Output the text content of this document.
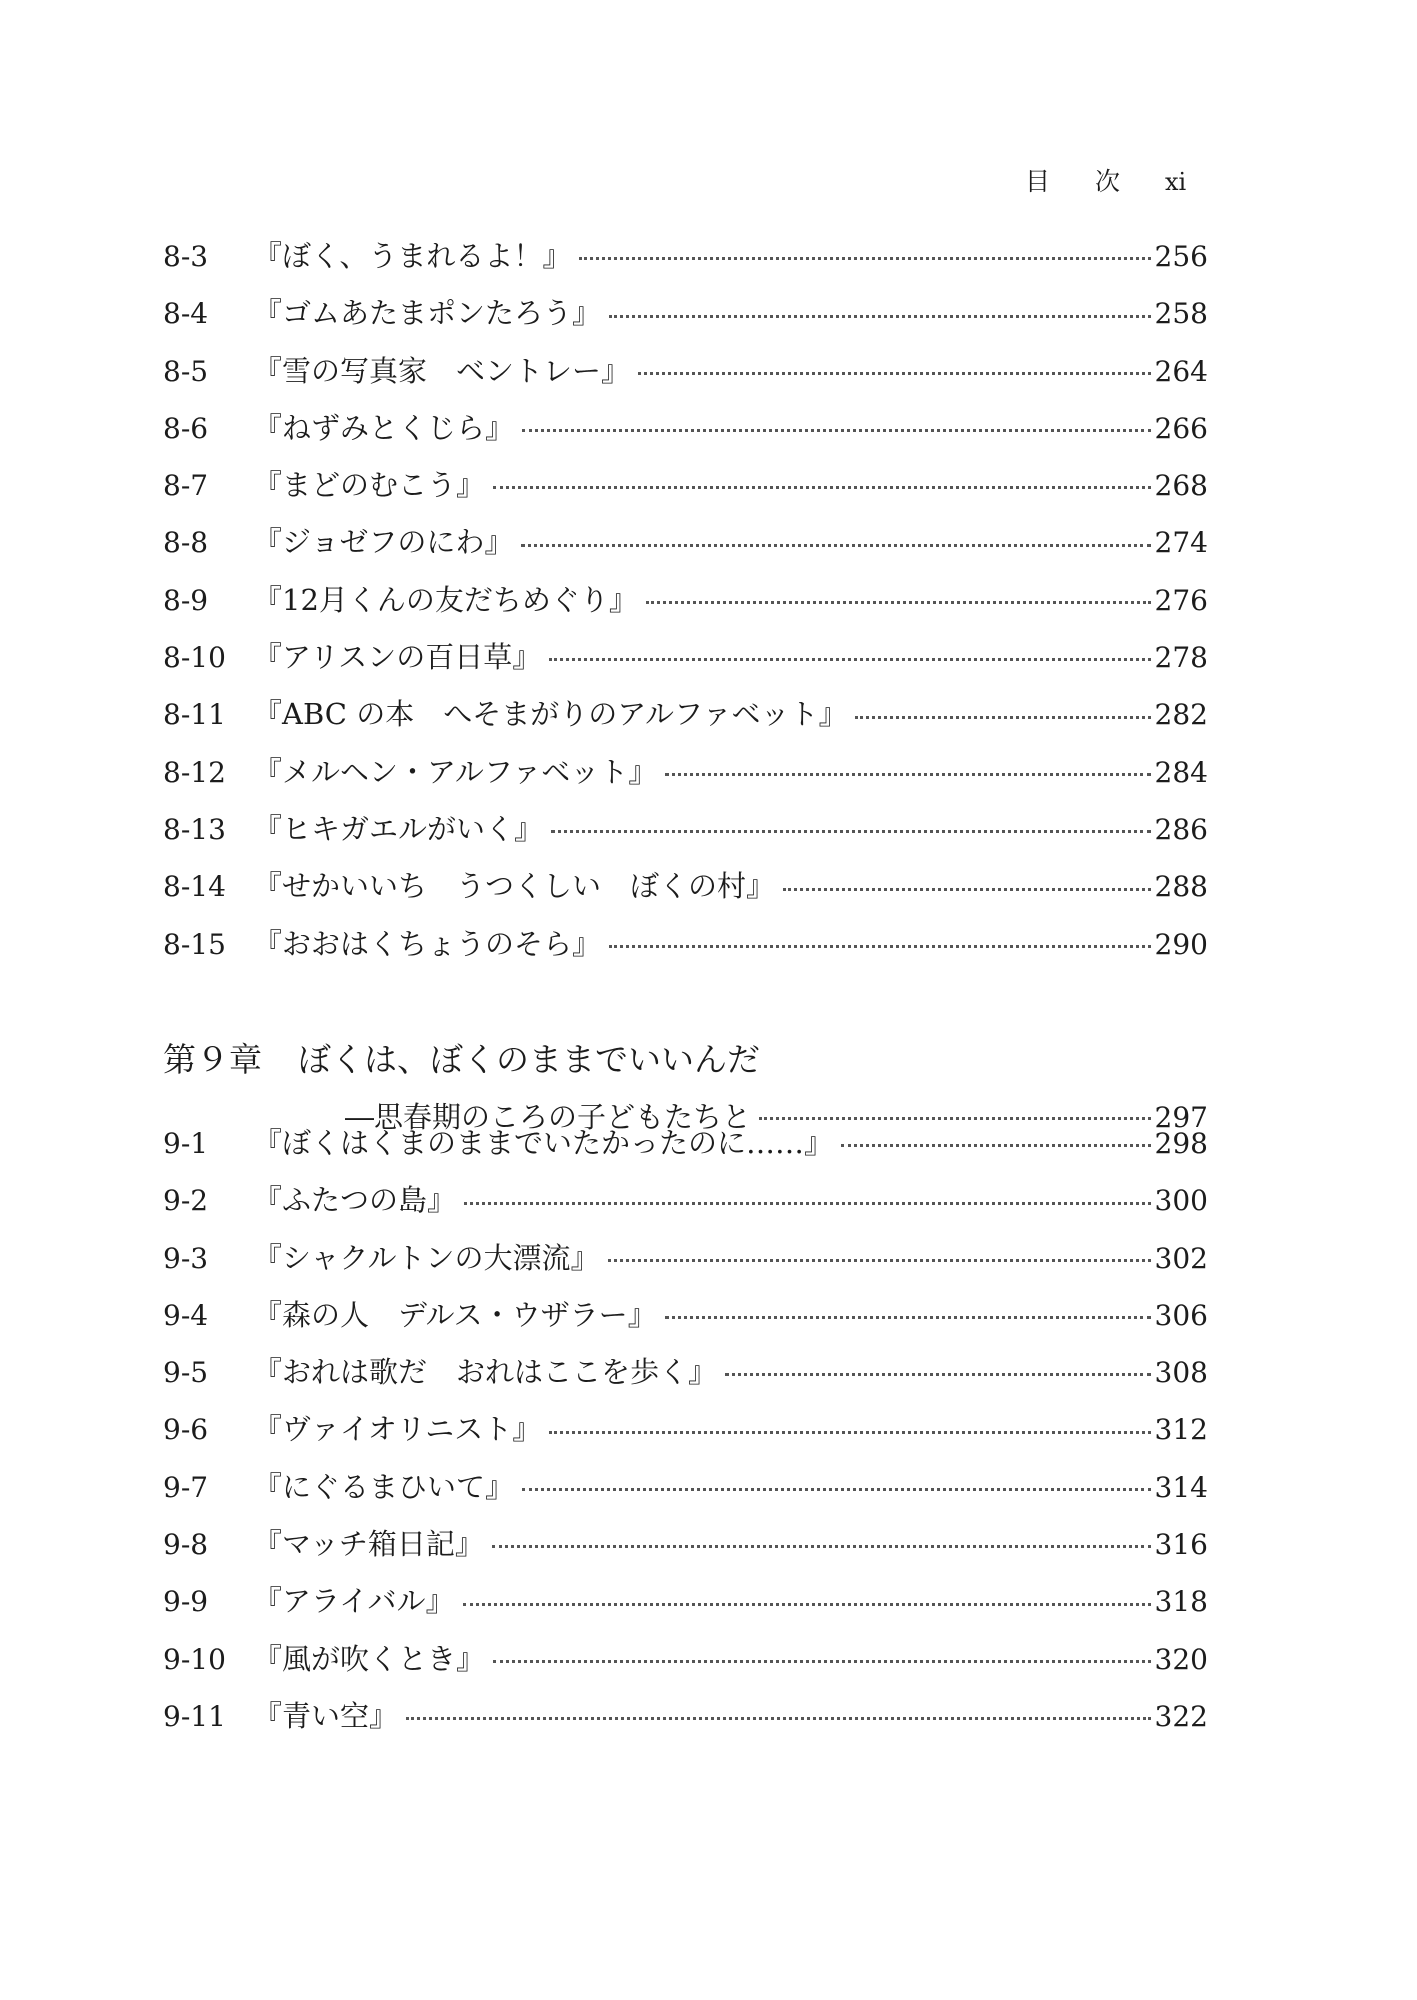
目 次 xi
8-3	『ぼく、うまれるよ！』	256
8-4	『ゴムあたまポンたろう』	258
8-5	『雪の写真家　ベントレー』	264
8-6	『ねずみとくじら』	266
8-7	『まどのむこう』	268
8-8	『ジョゼフのにわ』	274
8-9	『12月くんの友だちめぐり』	276
8-10 『アリスンの百日草』	278
8-11 『ABC の本　へそまがりのアルファベット』	282
8-12 『メルヘン・アルファベット』	284
8-13 『ヒキガエルがいく』	286
8-14 『せかいいち　うつくしい　ぼくの村』	288
8-15 『おおはくちょうのそら』	290
第９章 ぼくは、ぼくのままでいいんだ
―思春期のころの子どもたちと	297
9-1	『ぼくはくまのままでいたかったのに……』	298
9-2	『ふたつの島』	300
9-3	『シャクルトンの大漂流』	302
9-4	『森の人　デルス・ウザラー』	306
9-5	『おれは歌だ　おれはここを歩く』	308
9-6	『ヴァイオリニスト』	312
9-7	『にぐるまひいて』	314
9-8	『マッチ箱日記』	316
9-9	『アライバル』	318
9-10 『風が吹くとき』	320
9-11 『青い空』	322
